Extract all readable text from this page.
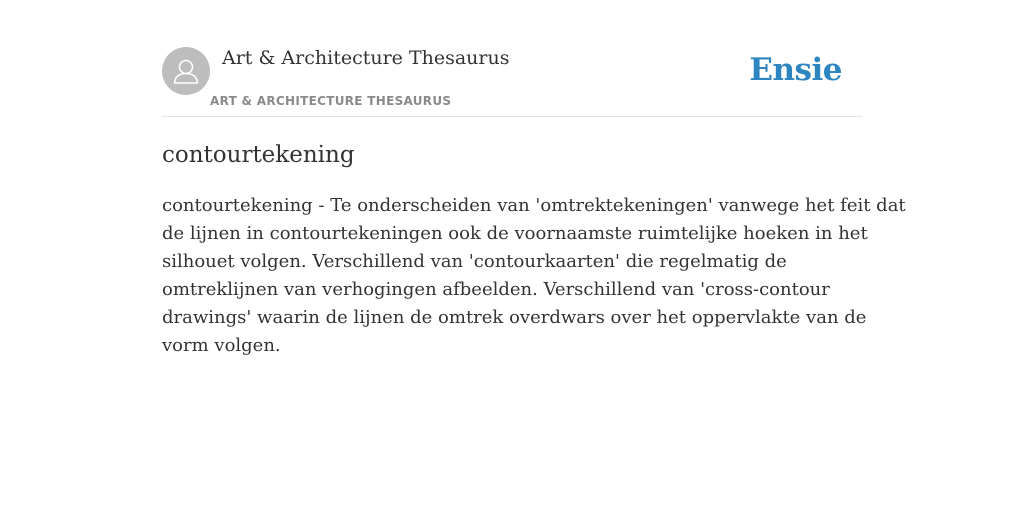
Art & Architecture Thesaurus
ART & ARCHITECTURE THESAURUS
Ensie
contourtekening

contourtekening - Te onderscheiden van 'omtrektekeningen' vanwege het feit dat
de lijnen in contourtekeningen ook de voornaamste ruimtelijke hoeken in het
silhouet volgen. Verschillend van 'contourkaarten' die regelmatig de
omtreklijnen van verhogingen afbeelden. Verschillend van 'cross-contour
drawings' waarin de lijnen de omtrek overdwars over het oppervlakte van de
vorm volgen.
